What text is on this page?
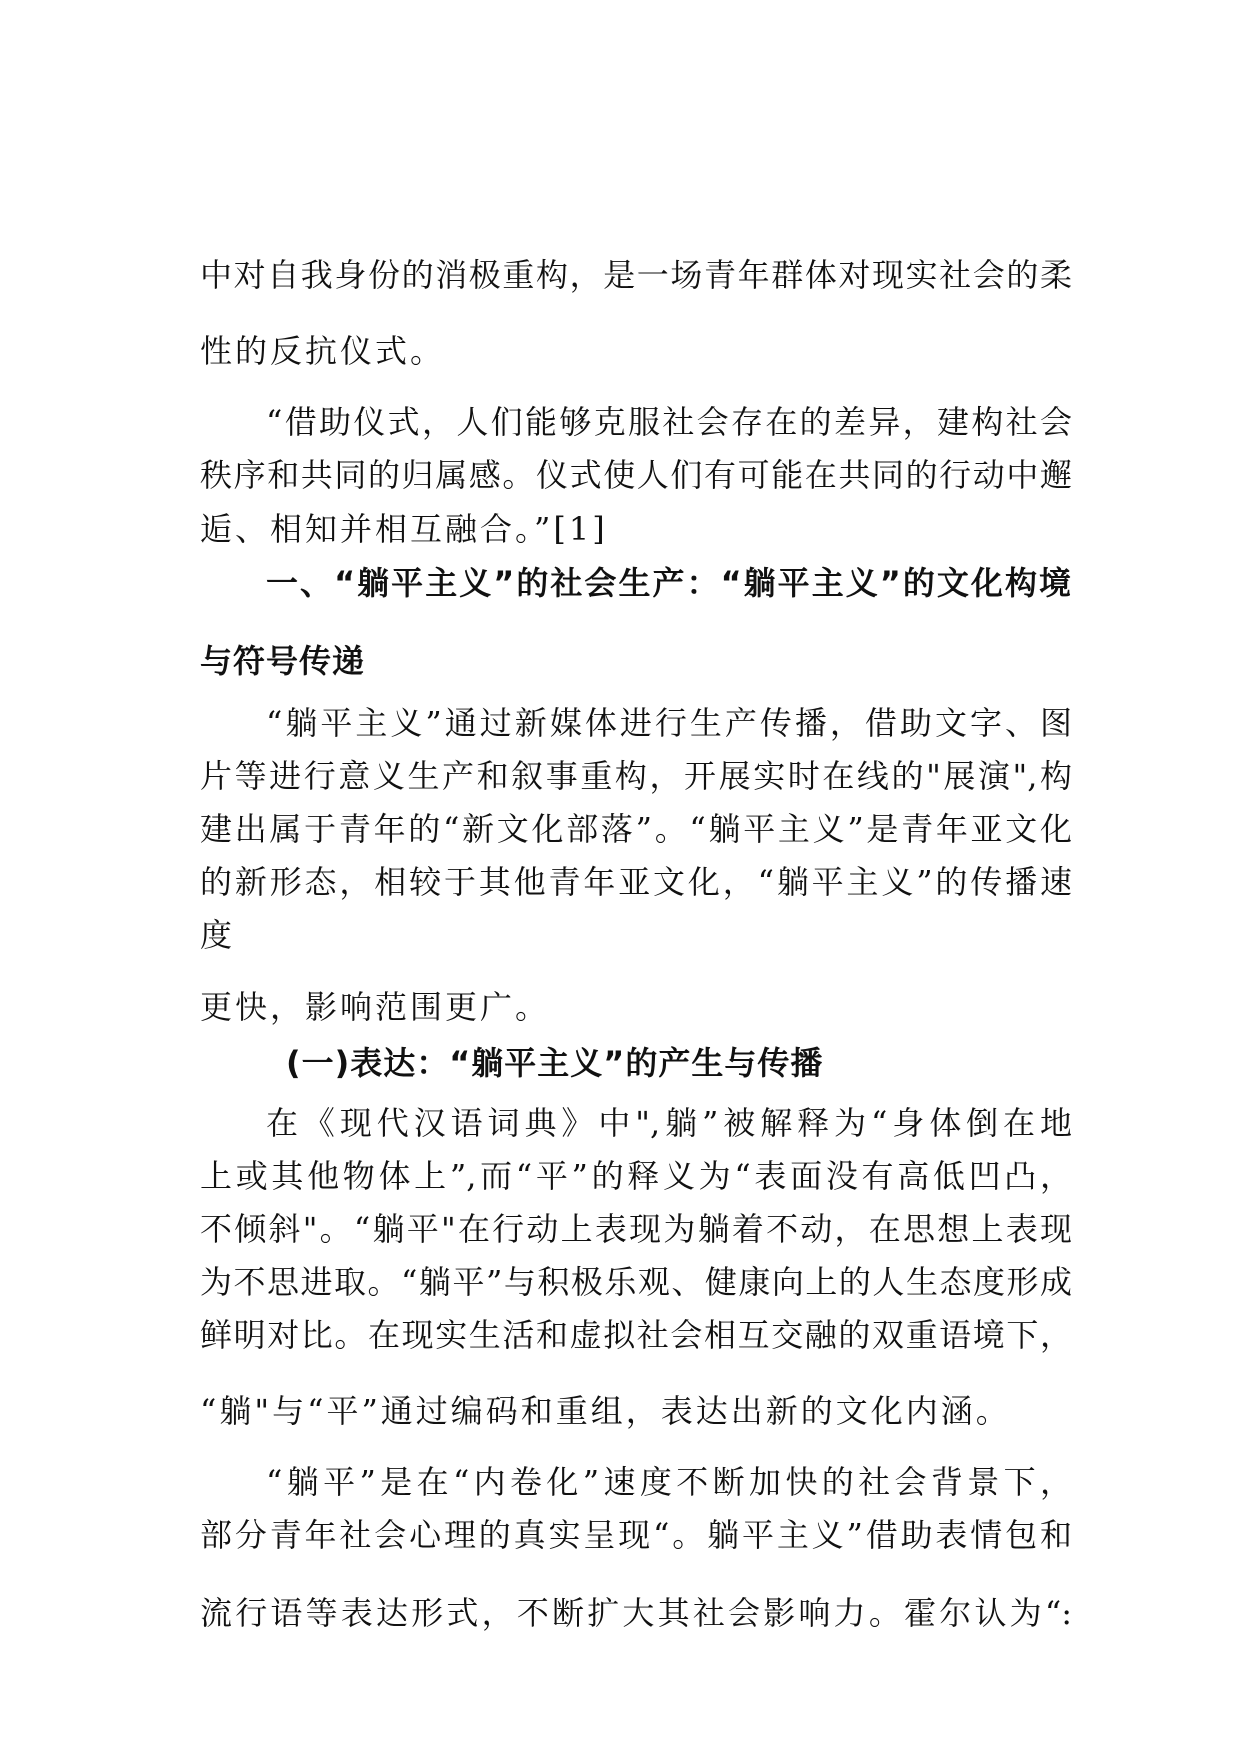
中对自我身份的消极重构，是一场青年群体对现实社会的柔
性的反抗仪式。
“借助仪式，人们能够克服社会存在的差异，建构社会
秩序和共同的归属感。仪式使人们有可能在共同的行动中邂
逅、相知并相互融合。”[1]
一、“躺平主义”的社会生产：“躺平主义”的文化构境
与符号传递
“躺平主义”通过新媒体进行生产传播，借助文字、图
片等进行意义生产和叙事重构，开展实时在线的"展演",构
建出属于青年的“新文化部落”。“躺平主义”是青年亚文化
的新形态，相较于其他青年亚文化，“躺平主义”的传播速
度
更快，影响范围更广。
(一)表达：“躺平主义”的产生与传播
在《现代汉语词典》中",躺”被解释为“身体倒在地
上或其他物体上”,而“平”的释义为“表面没有高低凹凸，
不倾斜"。“躺平"在行动上表现为躺着不动，在思想上表现
为不思进取。“躺平”与积极乐观、健康向上的人生态度形成
鲜明对比。在现实生活和虚拟社会相互交融的双重语境下，
“躺"与“平”通过编码和重组，表达出新的文化内涵。
“躺平”是在“内卷化”速度不断加快的社会背景下，
部分青年社会心理的真实呈现“。躺平主义”借助表情包和
流行语等表达形式，不断扩大其社会影响力。霍尔认为“:
